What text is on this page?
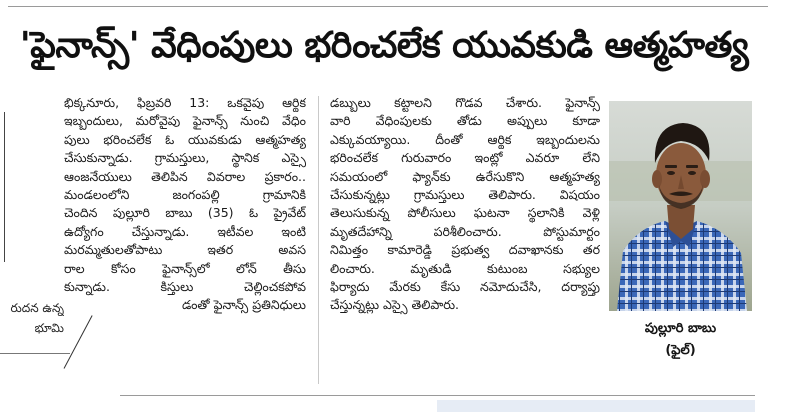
రుదన ఉన్న
భూమి
'ఫైనాన్స్' వేధింపులు భరించలేక యువకుడి ఆత్మహత్య
భిక్కనూరు, ఫిబ్రవరి 13: ఒకవైపు ఆర్థిక
ఇబ్బందులు, మరోవైపు ఫైనాన్స్ నుంచి వేధిం
పులు భరించలేక ఓ యువకుడు ఆత్మహత్య
చేసుకున్నాడు. గ్రామస్తులు, స్థానిక ఎస్సై
ఆంజనేయులు తెలిపిన వివరాల ప్రకారం..
మండలంలోని జంగంపల్లి గ్రామానికి
చెందిన పుల్లూరి బాబు (35) ఓ ప్రైవేట్
ఉద్యోగం చేస్తున్నాడు. ఇటీవల ఇంటి
మరమ్మతులతోపాటు ఇతర అవస
రాల కోసం ఫైనాన్స్‌లో లోన్ తీసు
కున్నాడు. కిస్తులు చెల్లించకపోవ
డంతో ఫైనాన్స్ ప్రతినిధులు
డబ్బులు కట్టాలని గొడవ చేశారు. ఫైనాన్స్
వారి వేధింపులకు తోడు అప్పులు కూడా
ఎక్కువయ్యాయి. దీంతో ఆర్థిక ఇబ్బందులను
భరించలేక గురువారం ఇంట్లో ఎవరూ లేని
సమయంలో ఫ్యాన్‌కు ఉరేసుకొని ఆత్మహత్య
చేసుకున్నట్లు గ్రామస్తులు తెలిపారు. విషయం
తెలుసుకున్న పోలీసులు ఘటనా స్థలానికి వెళ్లి
మృతదేహాన్ని పరిశీలించారు. పోస్టుమార్టం
నిమిత్తం కామారెడ్డి ప్రభుత్వ దవాఖానకు తర
లించారు. మృతుడి కుటుంబ సభ్యుల
ఫిర్యాదు మేరకు కేసు నమోదుచేసి, దర్యాప్తు
చేస్తున్నట్లు ఎస్సై తెలిపారు.
పుల్లూరి బాబు
(ఫైల్)
